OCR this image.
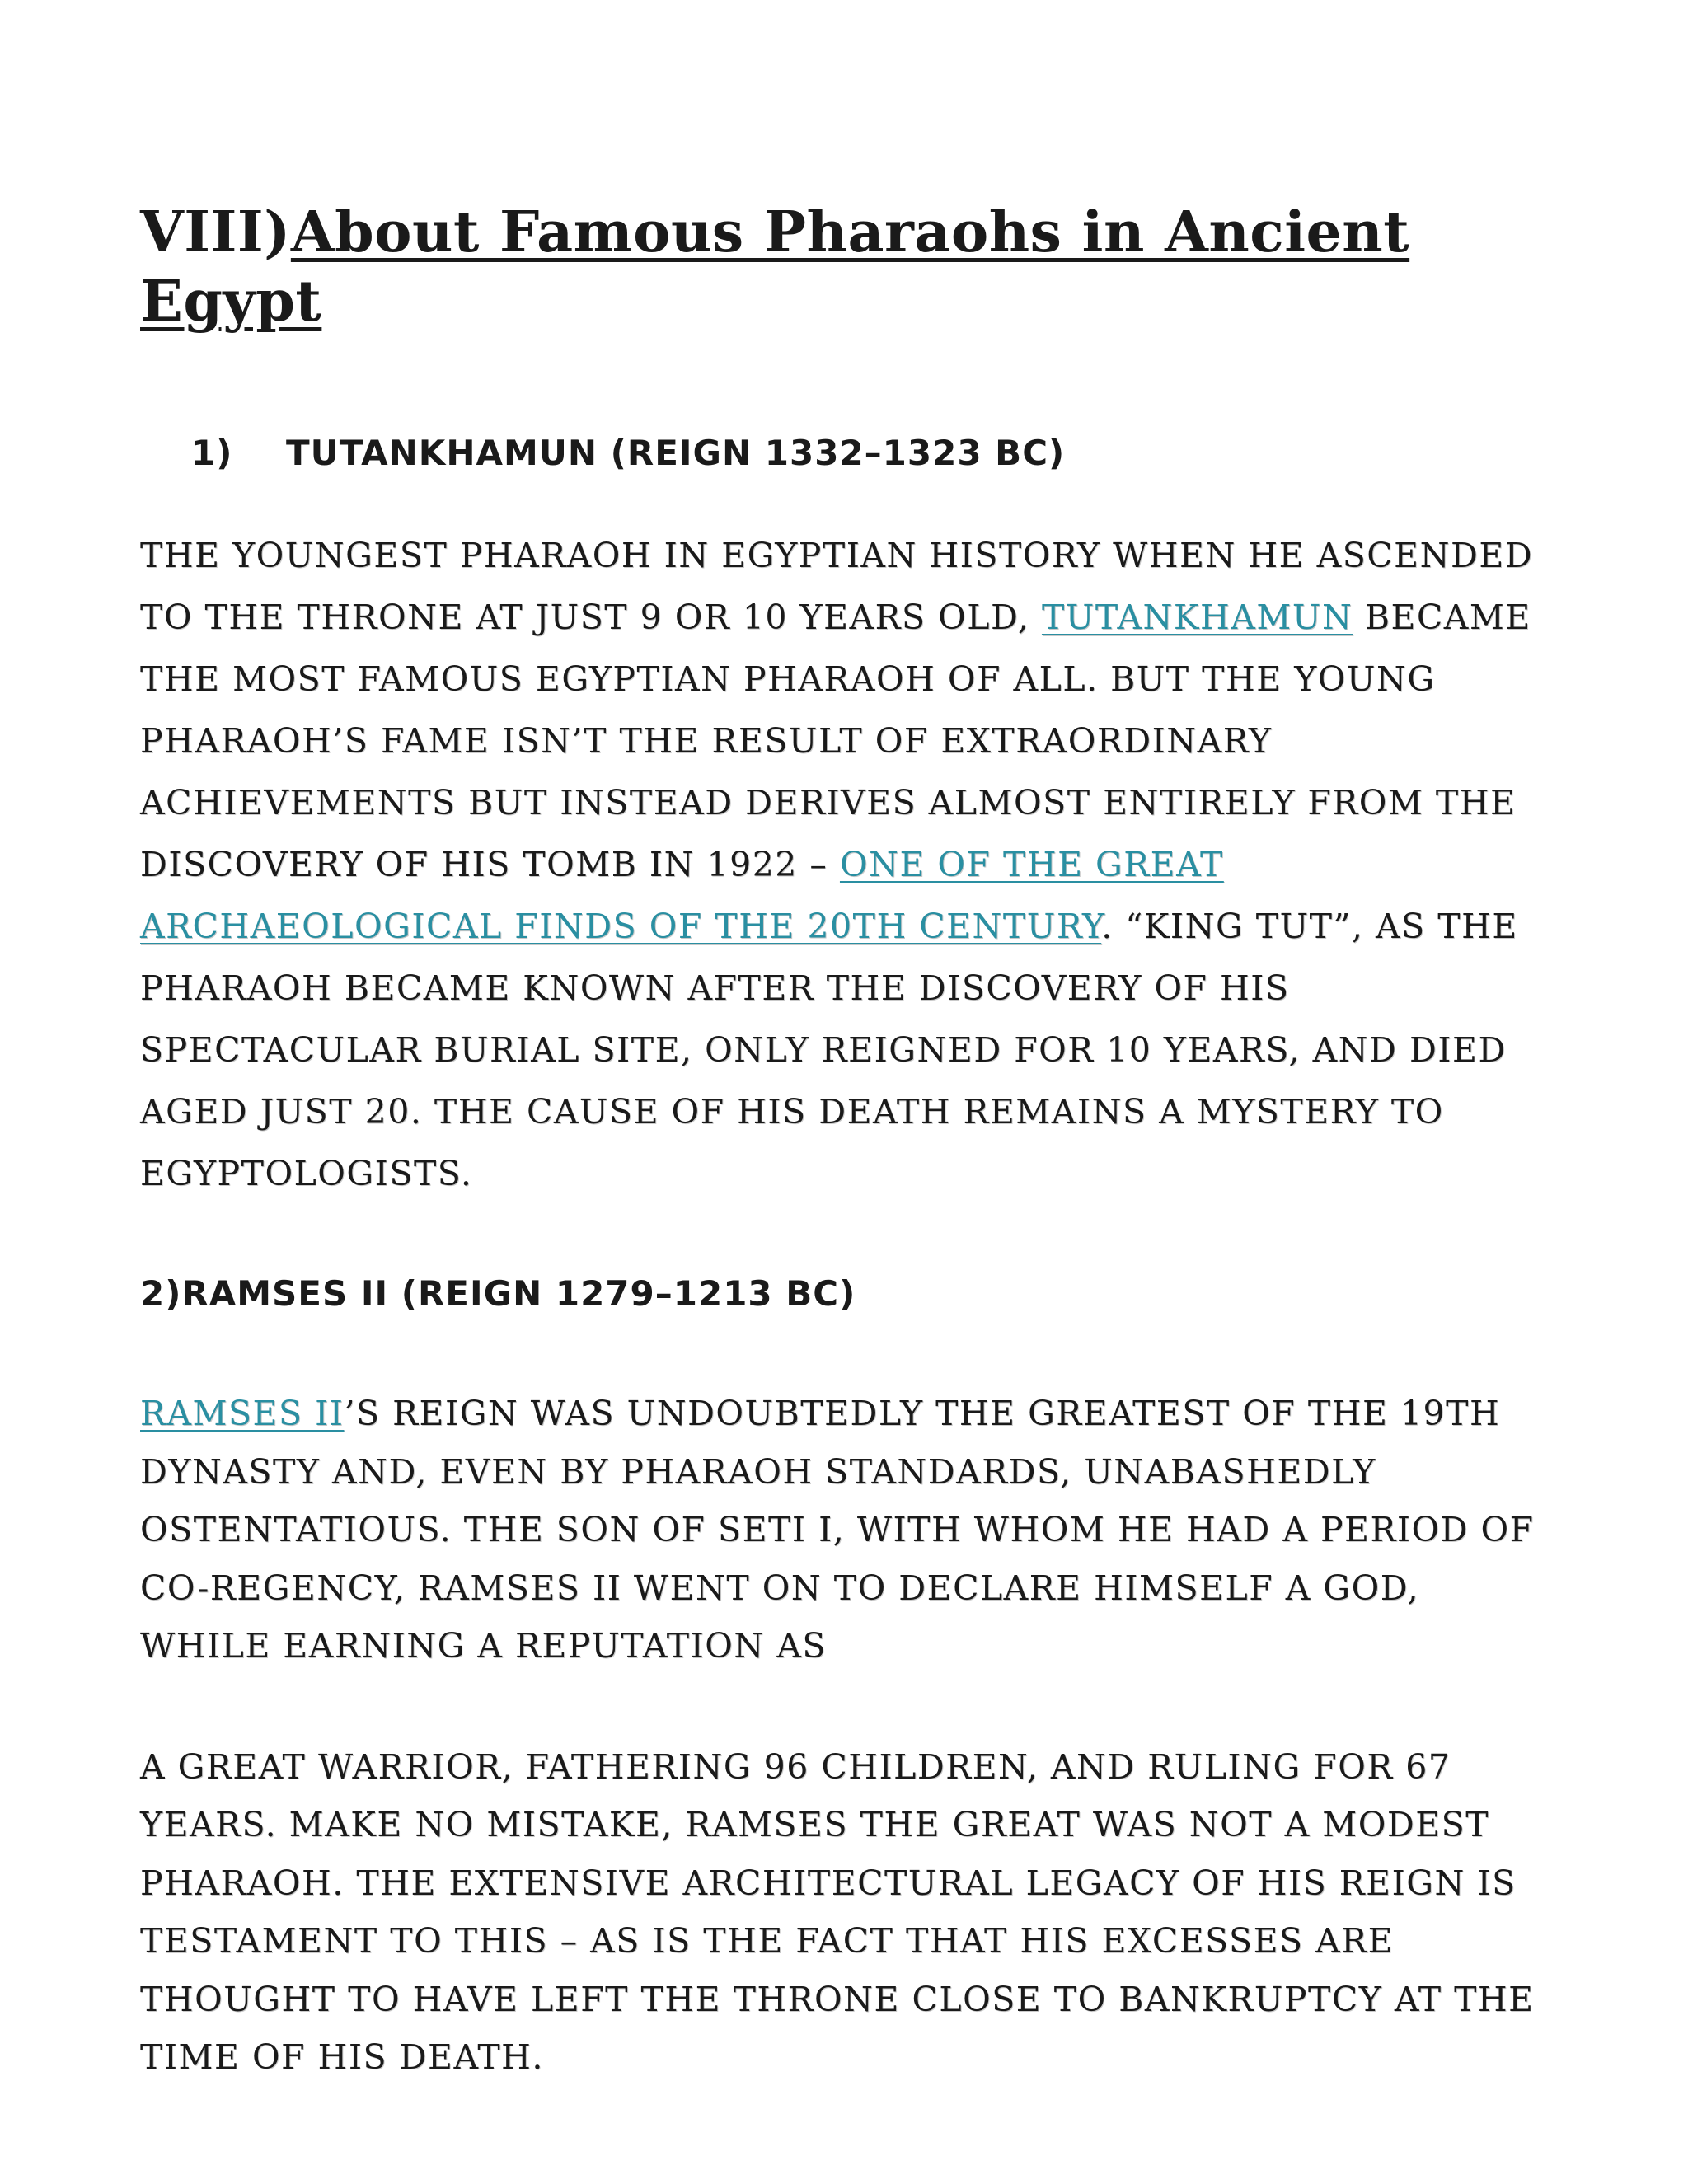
VIII)About Famous Pharaohs in Ancient Egypt
1) TUTANKHAMUN (REIGN 1332–1323 BC)

THE YOUNGEST PHARAOH IN EGYPTIAN HISTORY WHEN HE ASCENDED TO THE THRONE AT JUST 9 OR 10 YEARS OLD, TUTANKHAMUN BECAME THE MOST FAMOUS EGYPTIAN PHARAOH OF ALL. BUT THE YOUNG PHARAOH’S FAME ISN’T THE RESULT OF EXTRAORDINARY ACHIEVEMENTS BUT INSTEAD DERIVES ALMOST ENTIRELY FROM THE DISCOVERY OF HIS TOMB IN 1922 – ONE OF THE GREAT ARCHAEOLOGICAL FINDS OF THE 20TH CENTURY. “KING TUT”, AS THE PHARAOH BECAME KNOWN AFTER THE DISCOVERY OF HIS SPECTACULAR BURIAL SITE, ONLY REIGNED FOR 10 YEARS, AND DIED AGED JUST 20. THE CAUSE OF HIS DEATH REMAINS A MYSTERY TO EGYPTOLOGISTS.

2)RAMSES II (REIGN 1279–1213 BC)

RAMSES II’S REIGN WAS UNDOUBTEDLY THE GREATEST OF THE 19TH DYNASTY AND, EVEN BY PHARAOH STANDARDS, UNABASHEDLY OSTENTATIOUS. THE SON OF SETI I, WITH WHOM HE HAD A PERIOD OF CO-REGENCY, RAMSES II WENT ON TO DECLARE HIMSELF A GOD, WHILE EARNING A REPUTATION AS

A GREAT WARRIOR, FATHERING 96 CHILDREN, AND RULING FOR 67 YEARS. MAKE NO MISTAKE, RAMSES THE GREAT WAS NOT A MODEST PHARAOH. THE EXTENSIVE ARCHITECTURAL LEGACY OF HIS REIGN IS TESTAMENT TO THIS – AS IS THE FACT THAT HIS EXCESSES ARE THOUGHT TO HAVE LEFT THE THRONE CLOSE TO BANKRUPTCY AT THE TIME OF HIS DEATH.
